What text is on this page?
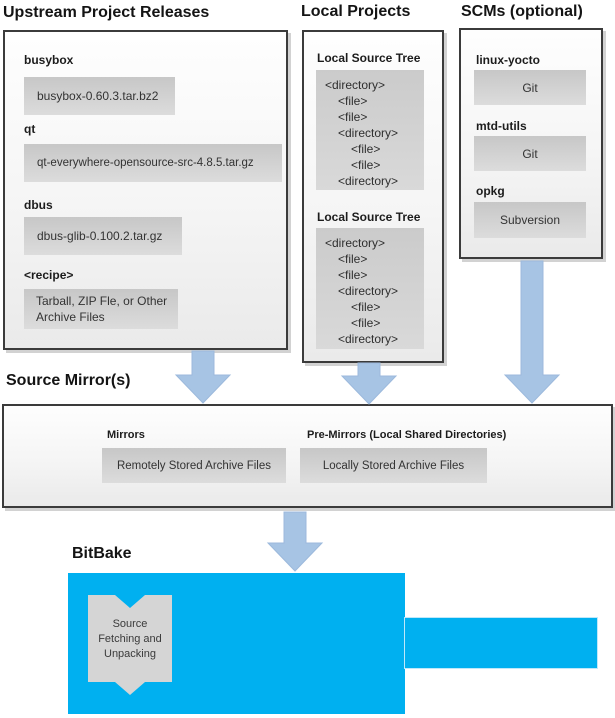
Upstream Project Releases	Local Projects	SCMs (optional)
busybox
busybox-0.60.3.tar.bz2
qt
qt-everywhere-opensource-src-4.8.5.tar.gz
dbus
dbus-glib-0.100.2.tar.gz
<recipe>
Tarball, ZIP Fle, or Other Archive Files
Local Source Tree
<directory>
<file>
<file>
<directory>
<file>
<file>
<directory>
Local Source Tree
<directory>
<file>
<file>
<directory>
<file>
<file>
<directory>
linux-yocto
Git
mtd-utils
Git
opkg
Subversion
Source Mirror(s)
Mirrors
Remotely Stored Archive Files
Pre-Mirrors (Local Shared Directories)
Locally Stored Archive Files
BitBake
Source Fetching and Unpacking
